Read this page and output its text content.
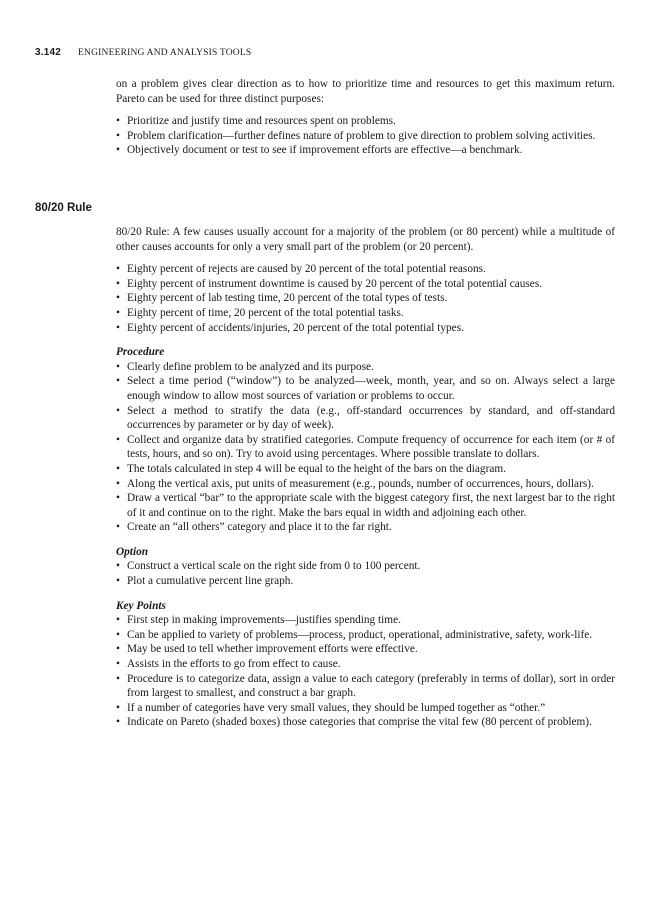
3.142 ENGINEERING AND ANALYSIS TOOLS

on a problem gives clear direction as to how to prioritize time and resources to get this maximum return. Pareto can be used for three distinct purposes:

• Prioritize and justify time and resources spent on problems.
• Problem clarification—further defines nature of problem to give direction to problem solving activities.
• Objectively document or test to see if improvement efforts are effective—a benchmark.
80/20 Rule

80/20 Rule: A few causes usually account for a majority of the problem (or 80 percent) while a multitude of other causes accounts for only a very small part of the problem (or 20 percent).

• Eighty percent of rejects are caused by 20 percent of the total potential reasons.
• Eighty percent of instrument downtime is caused by 20 percent of the total potential causes.
• Eighty percent of lab testing time, 20 percent of the total types of tests.
• Eighty percent of time, 20 percent of the total potential tasks.
• Eighty percent of accidents/injuries, 20 percent of the total potential types.
Procedure
• Clearly define problem to be analyzed and its purpose.
• Select a time period (“window”) to be analyzed—week, month, year, and so on. Always select a large enough window to allow most sources of variation or problems to occur.
• Select a method to stratify the data (e.g., off-standard occurrences by standard, and off-standard occurrences by parameter or by day of week).
• Collect and organize data by stratified categories. Compute frequency of occurrence for each item (or # of tests, hours, and so on). Try to avoid using percentages. Where possible translate to dollars.
• The totals calculated in step 4 will be equal to the height of the bars on the diagram.
• Along the vertical axis, put units of measurement (e.g., pounds, number of occurrences, hours, dollars).
• Draw a vertical “bar” to the appropriate scale with the biggest category first, the next largest bar to the right of it and continue on to the right. Make the bars equal in width and adjoining each other.
• Create an “all others” category and place it to the far right.
Option
• Construct a vertical scale on the right side from 0 to 100 percent.
• Plot a cumulative percent line graph.
Key Points
• First step in making improvements—justifies spending time.
• Can be applied to variety of problems—process, product, operational, administrative, safety, work-life.
• May be used to tell whether improvement efforts were effective.
• Assists in the efforts to go from effect to cause.
• Procedure is to categorize data, assign a value to each category (preferably in terms of dollar), sort in order from largest to smallest, and construct a bar graph.
• If a number of categories have very small values, they should be lumped together as “other.”
• Indicate on Pareto (shaded boxes) those categories that comprise the vital few (80 percent of problem).
